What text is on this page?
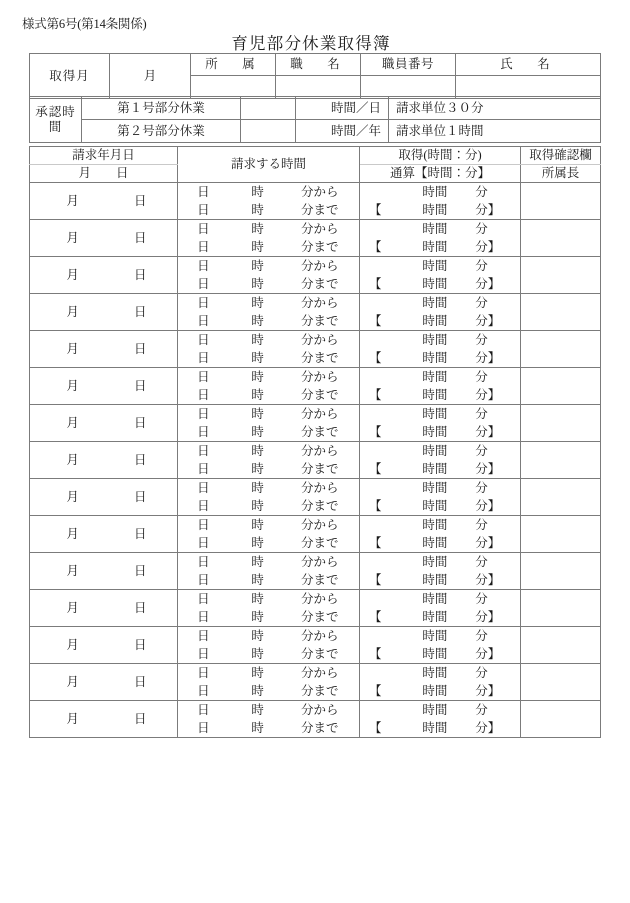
様式第6号(第14条関係)
育児部分休業取得簿
取得月	月	所　属	職　名	職員番号	氏　名

承認時間	第１号部分休業		時間／日	請求単位３０分
	第２号部分休業		時間／年	請求単位１時間
請求年月日	請求する時間	取得(時間：分)	取得確認欄
月　　日		通算【時間：分】	所属長

月 日	日 時 分から	時間 分	

	日 時 分まで	【 時間 分】	

月 日	日 時 分から	時間 分	

	日 時 分まで	【 時間 分】	

月 日	日 時 分から	時間 分	

	日 時 分まで	【 時間 分】	

月 日	日 時 分から	時間 分	

	日 時 分まで	【 時間 分】	

月 日	日 時 分から	時間 分	

	日 時 分まで	【 時間 分】	

月 日	日 時 分から	時間 分	

	日 時 分まで	【 時間 分】	

月 日	日 時 分から	時間 分	

	日 時 分まで	【 時間 分】	

月 日	日 時 分から	時間 分	

	日 時 分まで	【 時間 分】	

月 日	日 時 分から	時間 分	

	日 時 分まで	【 時間 分】	

月 日	日 時 分から	時間 分	

	日 時 分まで	【 時間 分】	

月 日	日 時 分から	時間 分	

	日 時 分まで	【 時間 分】	

月 日	日 時 分から	時間 分	

	日 時 分まで	【 時間 分】	

月 日	日 時 分から	時間 分	

	日 時 分まで	【 時間 分】	

月 日	日 時 分から	時間 分	

	日 時 分まで	【 時間 分】	

月 日	日 時 分から	時間 分	

	日 時 分まで	【 時間 分】	
